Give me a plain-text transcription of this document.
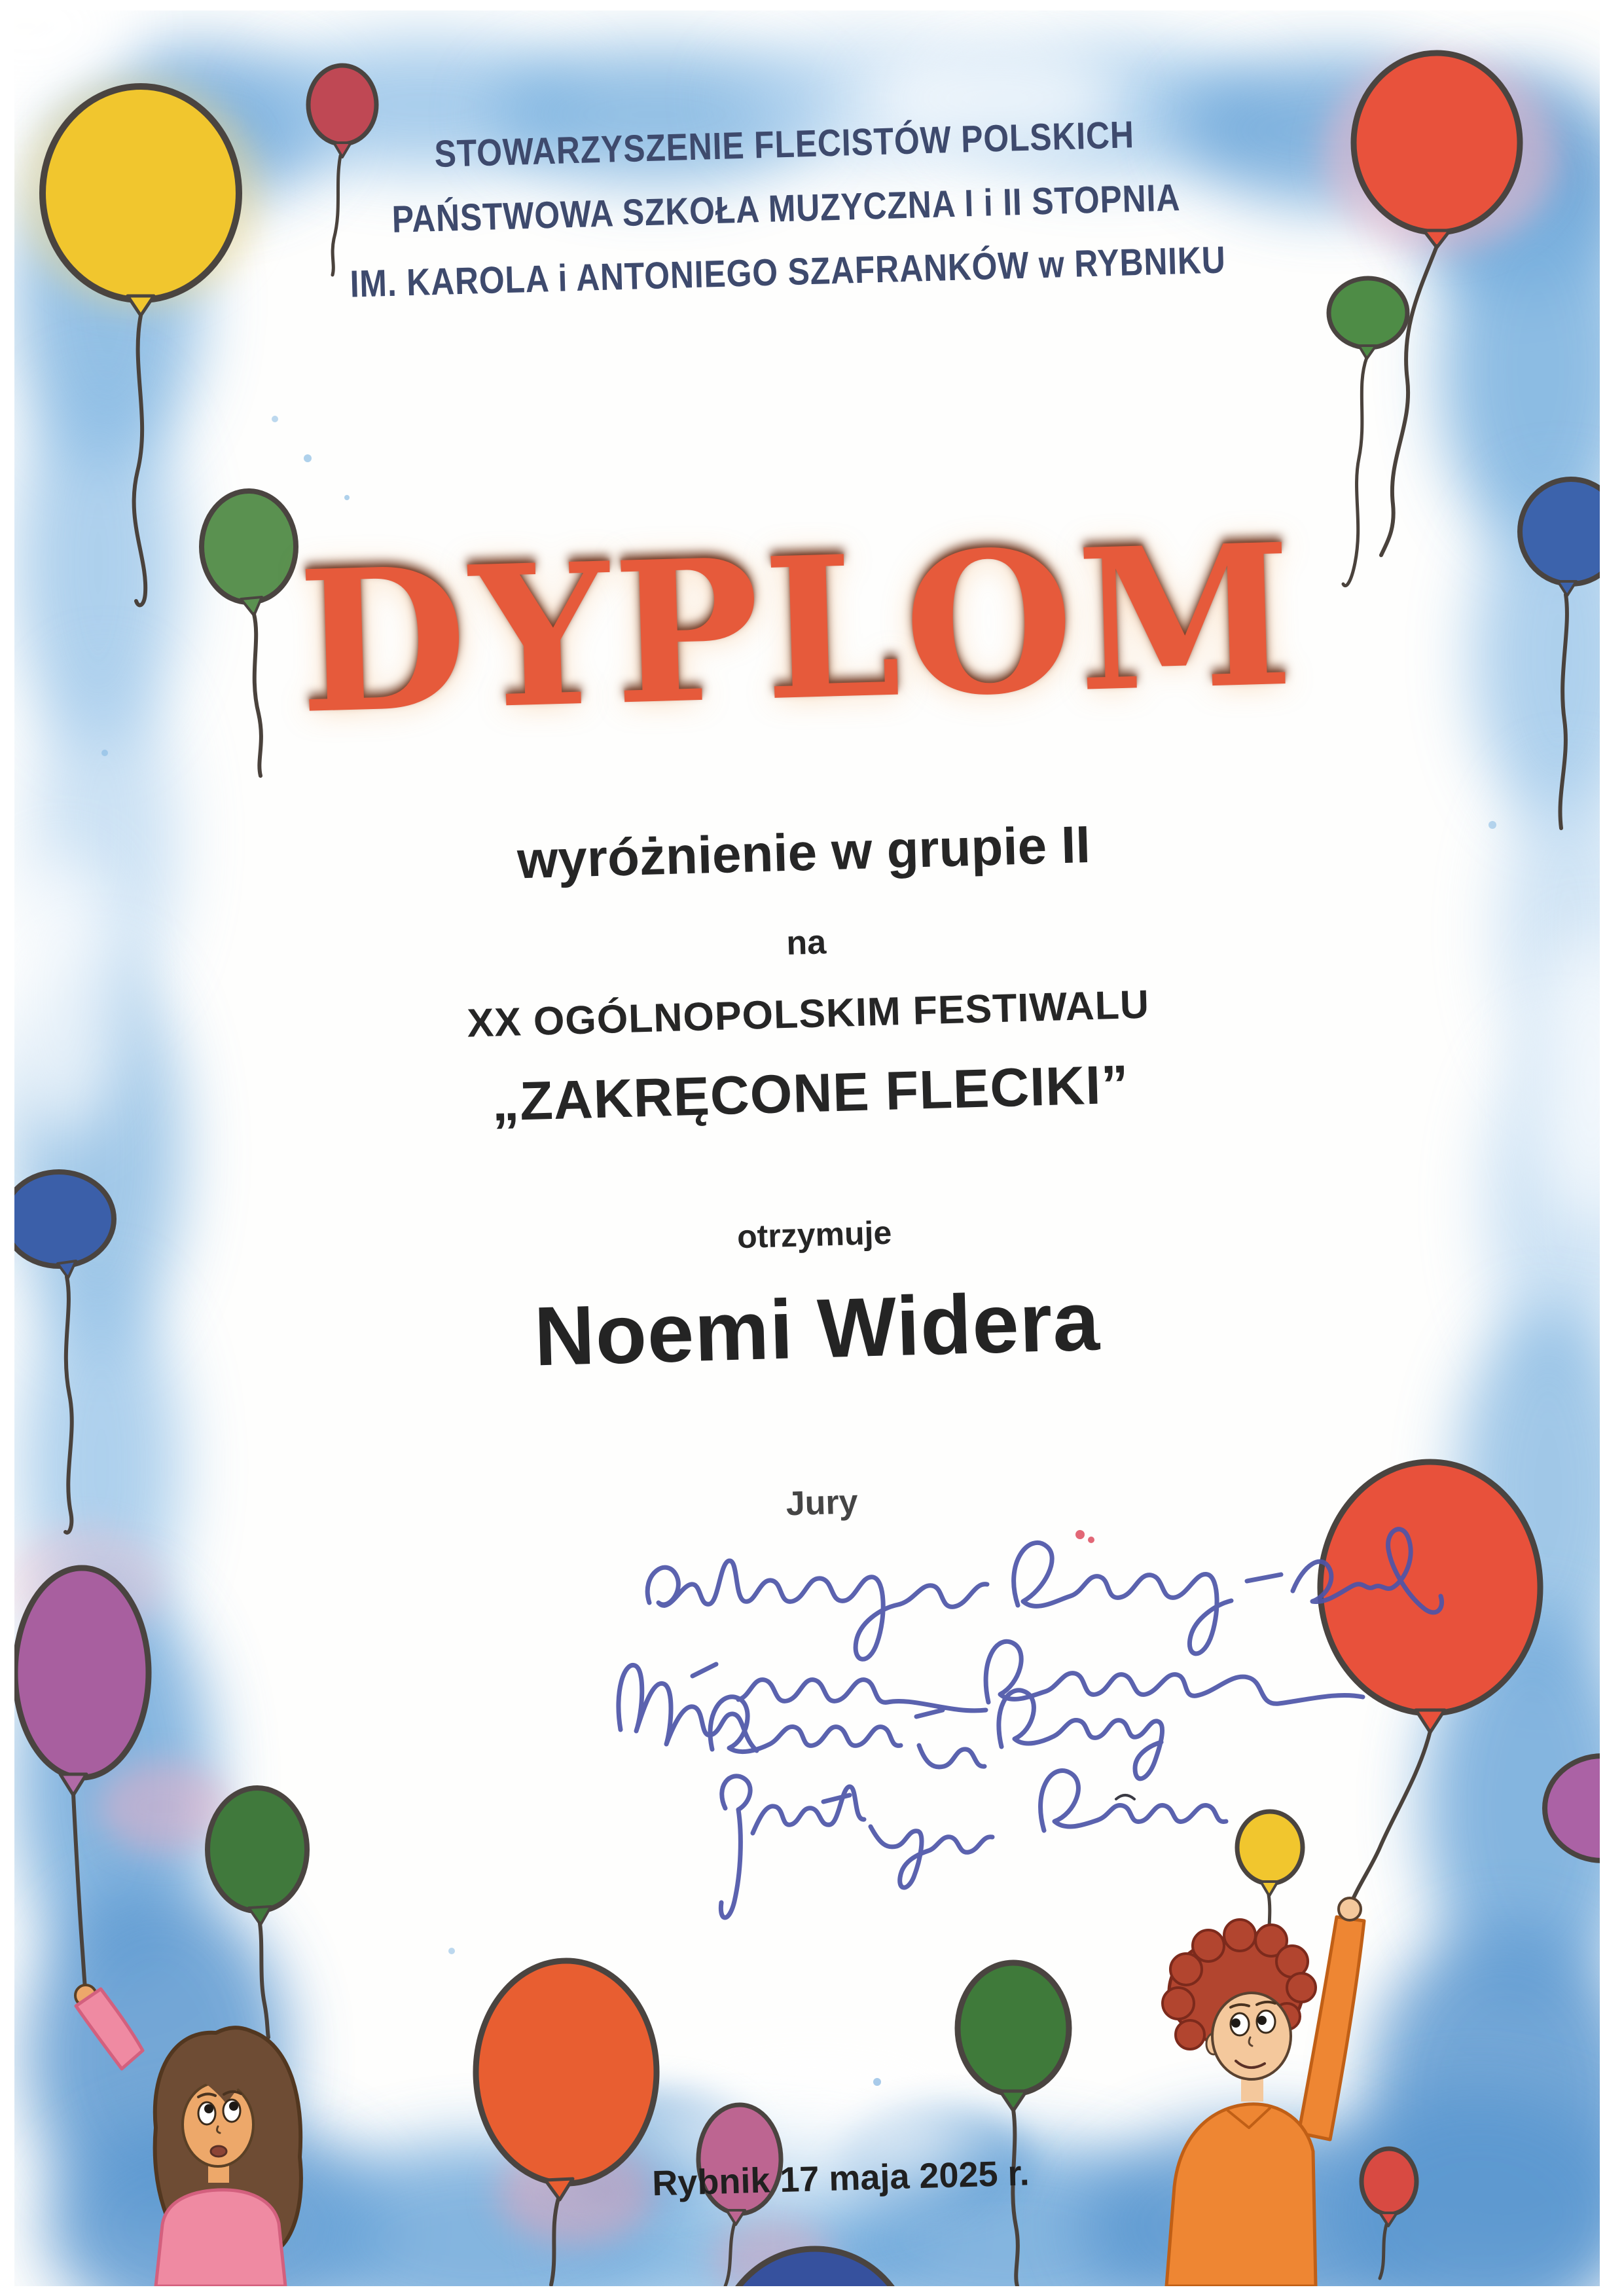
STOWARZYSZENIE FLECISTÓW POLSKICH
PAŃSTWOWA SZKOŁA MUZYCZNA I i II STOPNIA
IM. KAROLA i ANTONIEGO SZAFRANKÓW w RYBNIKU
DYPLOM
wyróżnienie w grupie II
na
XX OGÓLNOPOLSKIM FESTIWALU
„ZAKRĘCONE FLECIKI”
otrzymuje
Noemi Widera
Jury
Rybnik 17 maja 2025 r.
